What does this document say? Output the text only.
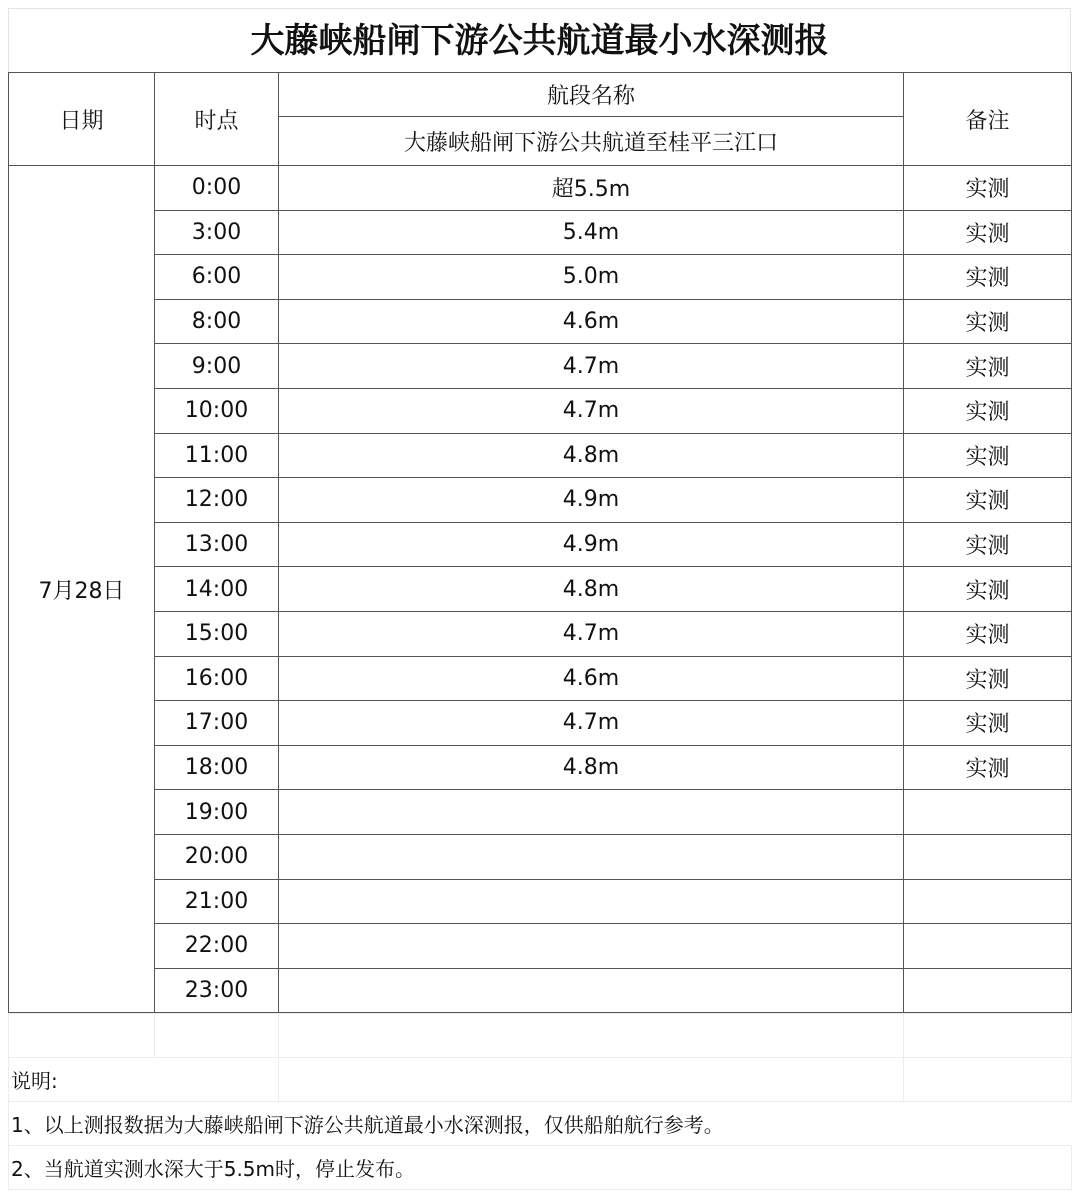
大藤峡船闸下游公共航道最小水深测报
日期	时点	航段名称	备注
		大藤峡船闸下游公共航道至桂平三江口	
7月28日	0:00	超5.5m	实测
	3:00	5.4m	实测
	6:00	5.0m	实测
	8:00	4.6m	实测
	9:00	4.7m	实测
	10:00	4.7m	实测
	11:00	4.8m	实测
	12:00	4.9m	实测
	13:00	4.9m	实测
	14:00	4.8m	实测
	15:00	4.7m	实测
	16:00	4.6m	实测
	17:00	4.7m	实测
	18:00	4.8m	实测
	19:00		
	20:00		
	21:00		
	22:00		
	23:00		

说明:			
1、以上测报数据为大藤峡船闸下游公共航道最小水深测报，仅供船舶航行参考。			
2、当航道实测水深大于5.5m时，停止发布。			
